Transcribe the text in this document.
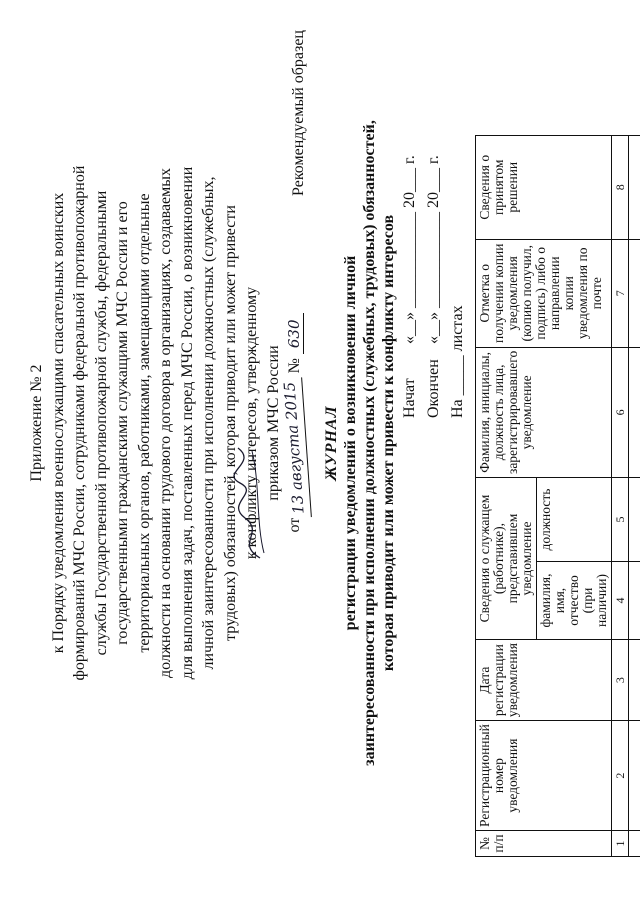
Приложение № 2 к Порядку уведомления военнослужащими спасательных воинских формирований МЧС России, сотрудниками федеральной противопожарной службы Государственной противопожарной службы, федеральными государственными гражданскими служащими МЧС России и его территориальных органов, работниками, замещающими отдельные должности на основании трудового договора в организациях, создаваемых для выполнения задач, поставленных перед МЧС России, о возникновении личной заинтересованности при исполнении должностных (служебных, трудовых) обязанностей, которая приводит или может привести к конфликту интересов, утвержденному приказом МЧС России
от13 августа 2015 № 630
Рекомендуемый образец
ЖУРНАЛ регистрации уведомлений о возникновении личной заинтересованности при исполнении должностных (служебных, трудовых) обязанностей, которая приводит или может привести к конфликту интересов Начат «__» ____________ 20___ г.
Окончен «__» ____________ 20___ г.
На _____ листах
№ п/п	Регистрационный номер уведомления	Дата регистрации уведомления	Сведения о служащем (работнике), представившем уведомление		Фамилия, инициалы, должность лица, зарегистрировавшего уведомление	Отметка о получении копии уведомления (копию получил, подпись) либо о направлении копии уведомления по почте	Сведения о принятом решении
			фамилия, имя, отчество (при наличии)	должность			
1	2	3	4	5	6	7	8
